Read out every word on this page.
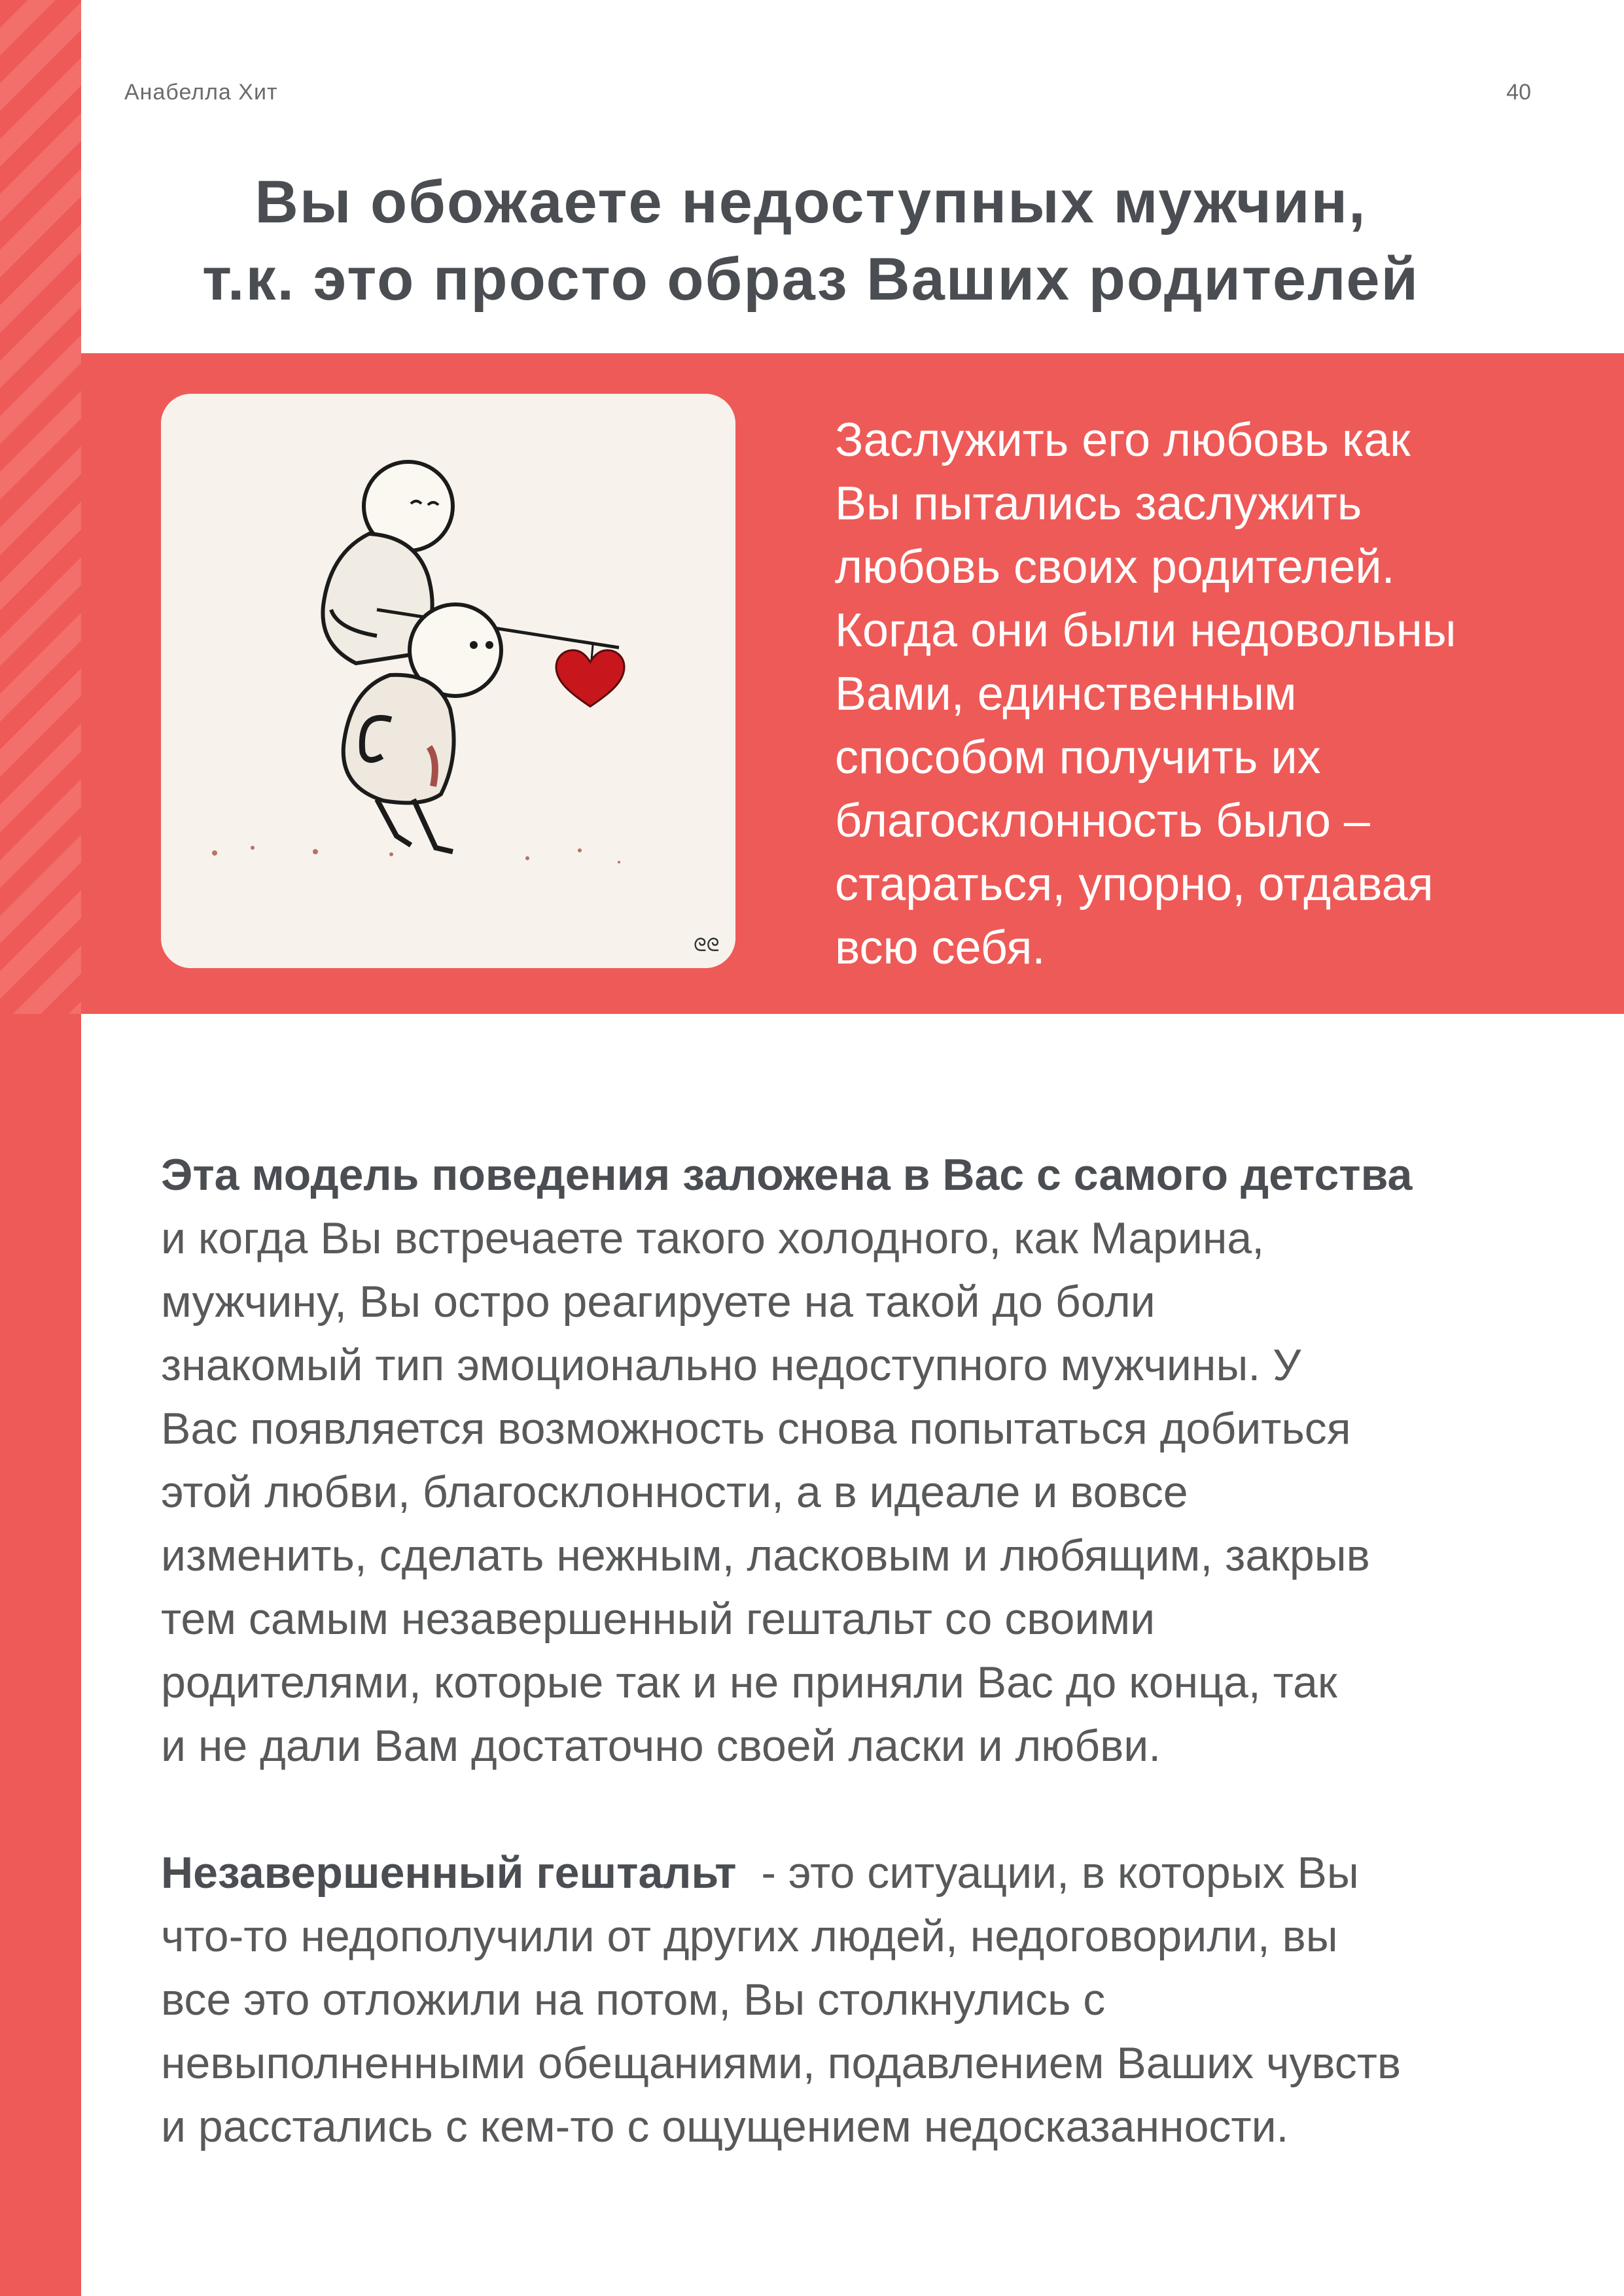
Анабелла Хит	40
Вы обожаете недоступных мужчин,
т.к. это просто образ Ваших родителей
ᘓᘓ

Заслужить его любовь как
Вы пытались заслужить
любовь своих родителей.
Когда они были недовольны
Вами, единственным
способом получить их
благосклонность было –
стараться, упорно, отдавая
всю себя.

Эта модель поведения заложена в Вас с самого детства
и когда Вы встречаете такого холодного, как Марина,
мужчину, Вы остро реагируете на такой до боли
знакомый тип эмоционально недоступного мужчины. У
Вас появляется возможность снова попытаться добиться
этой любви, благосклонности, а в идеале и вовсе
изменить, сделать нежным, ласковым и любящим, закрыв
тем самым незавершенный гештальт со своими
родителями, которые так и не приняли Вас до конца, так
и не дали Вам достаточно своей ласки и любви.

Незавершенный гештальт  - это ситуации, в которых Вы
что-то недополучили от других людей, недоговорили, вы
все это отложили на потом, Вы столкнулись с
невыполненными обещаниями, подавлением Ваших чувств
и расстались с кем-то с ощущением недосказанности.
